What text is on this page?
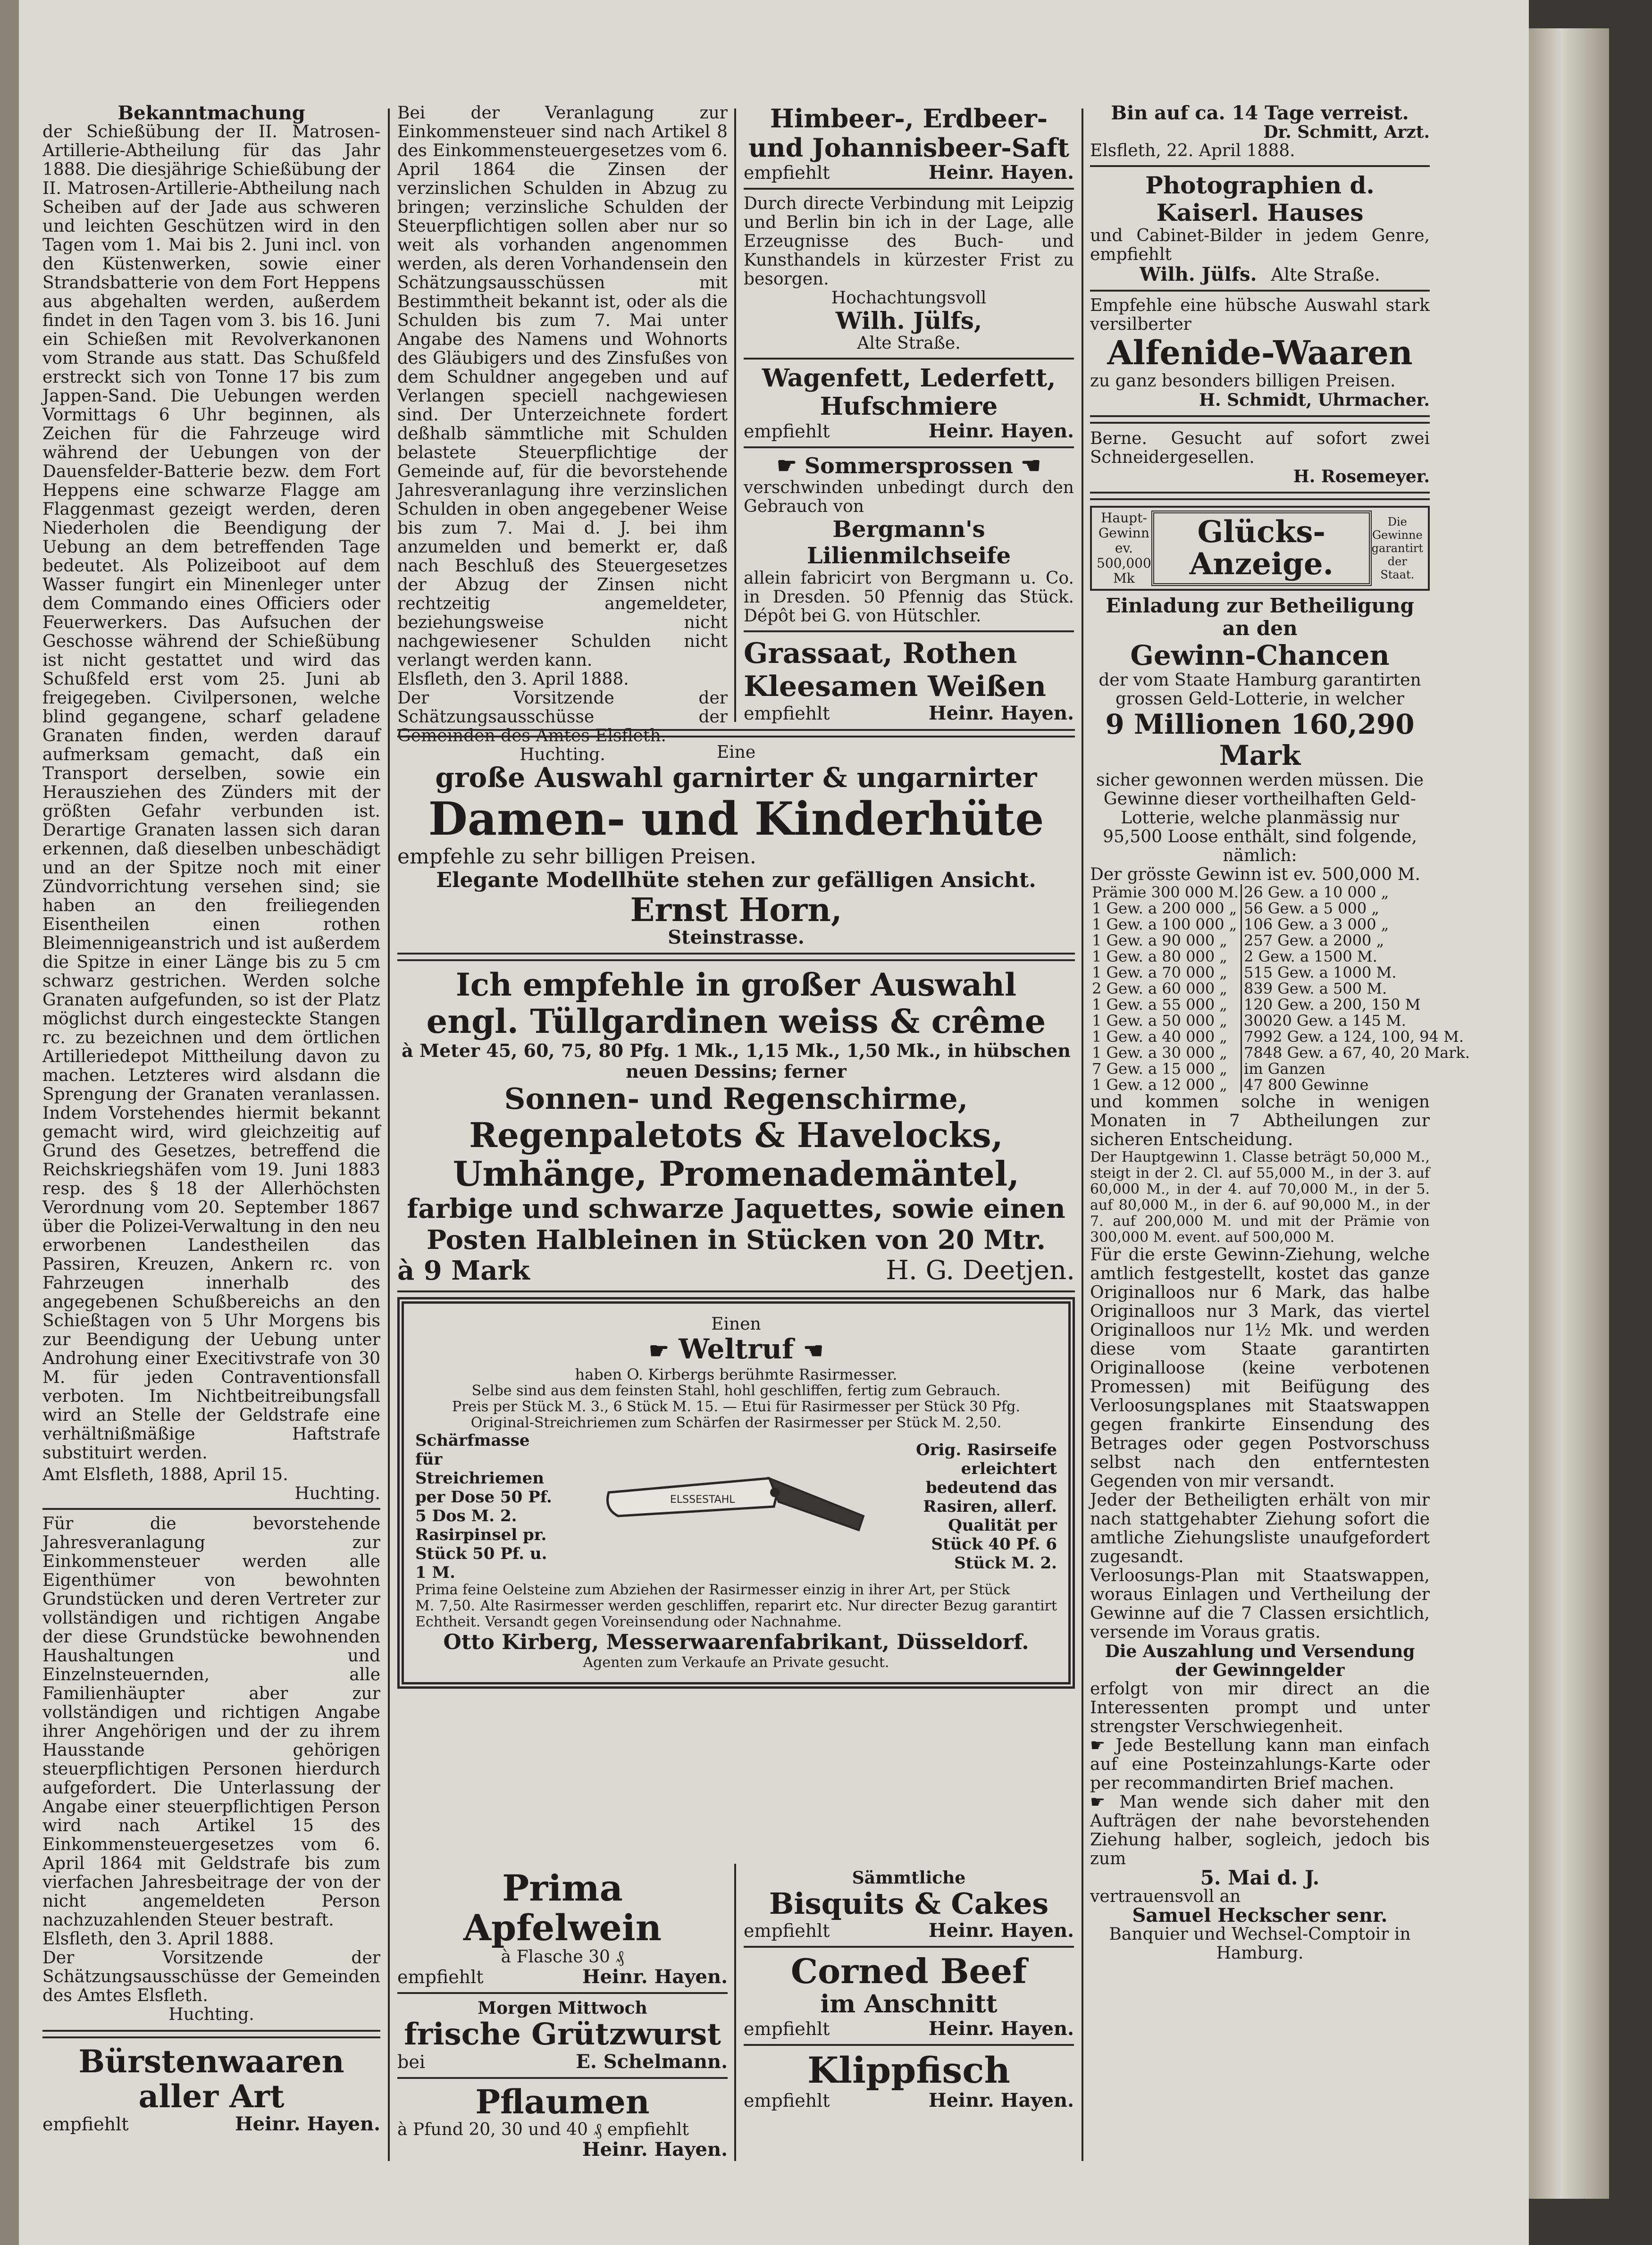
Bekanntmachung

der Schießübung der II. Matrosen-Artillerie-Abtheilung für das Jahr 1888. Die diesjährige Schießübung der II. Matrosen-Artillerie-Abtheilung nach Scheiben auf der Jade aus schweren und leichten Geschützen wird in den Tagen vom 1. Mai bis 2. Juni incl. von den Küstenwerken, sowie einer Strandsbatterie von dem Fort Heppens aus abgehalten werden, außerdem findet in den Tagen vom 3. bis 16. Juni ein Schießen mit Revolverkanonen vom Strande aus statt. Das Schußfeld erstreckt sich von Tonne 17 bis zum Jappen-Sand. Die Uebungen werden Vormittags 6 Uhr beginnen, als Zeichen für die Fahrzeuge wird während der Uebungen von der Dauensfelder-Batterie bezw. dem Fort Heppens eine schwarze Flagge am Flaggenmast gezeigt werden, deren Niederholen die Beendigung der Uebung an dem betreffenden Tage bedeutet. Als Polizeiboot auf dem Wasser fungirt ein Minenleger unter dem Commando eines Officiers oder Feuerwerkers. Das Aufsuchen der Geschosse während der Schießübung ist nicht gestattet und wird das Schußfeld erst vom 25. Juni ab freigegeben. Civilpersonen, welche blind gegangene, scharf geladene Granaten finden, werden darauf aufmerksam gemacht, daß ein Transport derselben, sowie ein Herausziehen des Zünders mit der größten Gefahr verbunden ist. Derartige Granaten lassen sich daran erkennen, daß dieselben unbeschädigt und an der Spitze noch mit einer Zündvorrichtung versehen sind; sie haben an den freiliegenden Eisentheilen einen rothen Bleimennigeanstrich und ist außerdem die Spitze in einer Länge bis zu 5 cm schwarz gestrichen. Werden solche Granaten aufgefunden, so ist der Platz möglichst durch eingesteckte Stangen rc. zu bezeichnen und dem örtlichen Artilleriedepot Mittheilung davon zu machen. Letzteres wird alsdann die Sprengung der Granaten veranlassen. Indem Vorstehendes hiermit bekannt gemacht wird, wird gleichzeitig auf Grund des Gesetzes, betreffend die Reichskriegshäfen vom 19. Juni 1883 resp. des § 18 der Allerhöchsten Verordnung vom 20. September 1867 über die Polizei-Verwaltung in den neu erworbenen Landestheilen das Passiren, Kreuzen, Ankern rc. von Fahrzeugen innerhalb des angegebenen Schußbereichs an den Schießtagen von 5 Uhr Morgens bis zur Beendigung der Uebung unter Androhung einer Execitivstrafe von 30 M. für jeden Contraventionsfall verboten. Im Nichtbeitreibungsfall wird an Stelle der Geldstrafe eine verhältnißmäßige Haftstrafe substituirt werden.

Amt Elsfleth, 1888, April 15.

Huchting.

Für die bevorstehende Jahresveranlagung zur Einkommensteuer werden alle Eigenthümer von bewohnten Grundstücken und deren Vertreter zur vollständigen und richtigen Angabe der diese Grundstücke bewohnenden Haushaltungen und Einzelnsteuernden, alle Familienhäupter aber zur vollständigen und richtigen Angabe ihrer Angehörigen und der zu ihrem Hausstande gehörigen steuerpflichtigen Personen hierdurch aufgefordert. Die Unterlassung der Angabe einer steuerpflichtigen Person wird nach Artikel 15 des Einkommensteuergesetzes vom 6. April 1864 mit Geldstrafe bis zum vierfachen Jahresbeitrage der von der nicht angemeldeten Person nachzuzahlenden Steuer bestraft.

Elsfleth, den 3. April 1888.

Der Vorsitzende der Schätzungsausschüsse der Gemeinden des Amtes Elsfleth.

Huchting.

Bürstenwaaren aller Art

empfiehlt	Heinr. Hayen.

Bei der Veranlagung zur Einkommensteuer sind nach Artikel 8 des Einkommensteuergesetzes vom 6. April 1864 die Zinsen der verzinslichen Schulden in Abzug zu bringen; verzinsliche Schulden der Steuerpflichtigen sollen aber nur so weit als vorhanden angenommen werden, als deren Vorhandensein den Schätzungsausschüssen mit Bestimmtheit bekannt ist, oder als die Schulden bis zum 7. Mai unter Angabe des Namens und Wohnorts des Gläubigers und des Zinsfußes von dem Schuldner angegeben und auf Verlangen speciell nachgewiesen sind. Der Unterzeichnete fordert deßhalb sämmtliche mit Schulden belastete Steuerpflichtige der Gemeinde auf, für die bevorstehende Jahresveranlagung ihre verzinslichen Schulden in oben angegebener Weise bis zum 7. Mai d. J. bei ihm anzumelden und bemerkt er, daß nach Beschluß des Steuergesetzes der Abzug der Zinsen nicht rechtzeitig angemeldeter, beziehungsweise nicht nachgewiesener Schulden nicht verlangt werden kann.

Elsfleth, den 3. April 1888.

Der Vorsitzende der Schätzungsausschüsse der Gemeinden des Amtes Elsfleth.

Huchting.

Himbeer-, Erdbeer- und Johannisbeer-Saft

empfiehlt	Heinr. Hayen.

Durch directe Verbindung mit Leipzig und Berlin bin ich in der Lage, alle Erzeugnisse des Buch- und Kunsthandels in kürzester Frist zu besorgen.

Hochachtungsvoll

Wilh. Jülfs,

Alte Straße.

Wagenfett, Lederfett, Hufschmiere

empfiehlt	Heinr. Hayen.

☛ Sommersprossen ☚

verschwinden unbedingt durch den Gebrauch von

Bergmann's Lilienmilchseife

allein fabricirt von Bergmann u. Co. in Dresden. 50 Pfennig das Stück. Dépôt bei G. von Hütschler.

Grassaat, Rothen Kleesamen Weißen

empfiehlt	Heinr. Hayen.

Eine

große Auswahl garnirter & ungarnirter

Damen- und Kinderhüte

empfehle zu sehr billigen Preisen.

Elegante Modellhüte stehen zur gefälligen Ansicht.

Ernst Horn,

Steinstrasse.

Ich empfehle in großer Auswahl

engl. Tüllgardinen weiss & crême

à Meter 45, 60, 75, 80 Pfg. 1 Mk., 1,15 Mk., 1,50 Mk., in hübschen neuen Dessins; ferner

Sonnen- und Regenschirme,

Regenpaletots & Havelocks,

Umhänge, Promenademäntel,

farbige und schwarze Jaquettes, sowie einen

Posten Halbleinen in Stücken von 20 Mtr.

à 9 Mark	H. G. Deetjen.

Einen

☛ Weltruf ☚

haben O. Kirbergs berühmte Rasirmesser.

Selbe sind aus dem feinsten Stahl, hohl geschliffen, fertig zum Gebrauch.

Preis per Stück M. 3., 6 Stück M. 15. — Etui für Rasirmesser per Stück 30 Pfg.

Original-Streichriemen zum Schärfen der Rasirmesser per Stück M. 2,50.

Schärfmasse für Streichriemen per Dose 50 Pf. 5 Dos M. 2. Rasirpinsel pr. Stück 50 Pf. u. 1 M.

ELSSESTAHL

Orig. Rasirseife erleichtert bedeutend das Rasiren, allerf. Qualität per Stück 40 Pf. 6 Stück M. 2.

Prima feine Oelsteine zum Abziehen der Rasirmesser einzig in ihrer Art, per Stück

M. 7,50. Alte Rasirmesser werden geschliffen, reparirt etc. Nur directer Bezug garantirt Echtheit. Versandt gegen Voreinsendung oder Nachnahme.

Otto Kirberg, Messerwaarenfabrikant, Düsseldorf.

Agenten zum Verkaufe an Private gesucht.

Prima Apfelwein

à Flasche 30 ₰

empfiehlt	Heinr. Hayen.

Morgen Mittwoch

frische Grützwurst

bei	E. Schelmann.

Pflaumen

à Pfund 20, 30 und 40 ₰ empfiehlt

Heinr. Hayen.

Sämmtliche

Bisquits & Cakes

empfiehlt	Heinr. Hayen.

Corned Beef

im Anschnitt

empfiehlt	Heinr. Hayen.

Klippfisch

empfiehlt	Heinr. Hayen.

Bin auf ca. 14 Tage verreist.

Dr. Schmitt, Arzt.

Elsfleth, 22. April 1888.

Photographien d. Kaiserl. Hauses

und Cabinet-Bilder in jedem Genre, empfiehlt

Wilh. Jülfs. Alte Straße.

Empfehle eine hübsche Auswahl stark versilberter

Alfenide-Waaren

zu ganz besonders billigen Preisen.

H. Schmidt, Uhrmacher.

Berne. Gesucht auf sofort zwei Schneidergesellen.

H. Rosemeyer.

Haupt-Gewinn ev. 500,000 Mk
Glücks-Anzeige.
Die Gewinne garantirt der Staat.

Einladung zur Betheiligung an den

Gewinn-Chancen

der vom Staate Hamburg garantirten grossen Geld-Lotterie, in welcher

9 Millionen 160,290 Mark

sicher gewonnen werden müssen. Die Gewinne dieser vortheilhaften Geld-Lotterie, welche planmässig nur 95,500 Loose enthält, sind folgende, nämlich:

Der grösste Gewinn ist ev. 500,000 M.

Prämie 300 000 M.	26 Gew. a 10 000 „
1 Gew. a 200 000 „	56 Gew. a 5 000 „
1 Gew. a 100 000 „	106 Gew. a 3 000 „
1 Gew. a 90 000 „	257 Gew. a 2000 „
1 Gew. a 80 000 „	2 Gew. a 1500 M.
1 Gew. a 70 000 „	515 Gew. a 1000 M.
2 Gew. a 60 000 „	839 Gew. a 500 M.
1 Gew. a 55 000 „	120 Gew. a 200, 150 M
1 Gew. a 50 000 „	30020 Gew. a 145 M.
1 Gew. a 40 000 „	7992 Gew. a 124, 100, 94 M.
1 Gew. a 30 000 „	7848 Gew. a 67, 40, 20 Mark.
7 Gew. a 15 000 „	im Ganzen
1 Gew. a 12 000 „	47 800 Gewinne

und kommen solche in wenigen Monaten in 7 Abtheilungen zur sicheren Entscheidung.

Der Hauptgewinn 1. Classe beträgt 50,000 M., steigt in der 2. Cl. auf 55,000 M., in der 3. auf 60,000 M., in der 4. auf 70,000 M., in der 5. auf 80,000 M., in der 6. auf 90,000 M., in der 7. auf 200,000 M. und mit der Prämie von 300,000 M. event. auf 500,000 M.

Für die erste Gewinn-Ziehung, welche amtlich festgestellt, kostet das ganze Originalloos nur 6 Mark, das halbe Originalloos nur 3 Mark, das viertel Originalloos nur 1½ Mk. und werden diese vom Staate garantirten Originalloose (keine verbotenen Promessen) mit Beifügung des Verloosungsplanes mit Staatswappen gegen frankirte Einsendung des Betrages oder gegen Postvorschuss selbst nach den entferntesten Gegenden von mir versandt.

Jeder der Betheiligten erhält von mir nach stattgehabter Ziehung sofort die amtliche Ziehungsliste unaufgefordert zugesandt.

Verloosungs-Plan mit Staatswappen, woraus Einlagen und Vertheilung der Gewinne auf die 7 Classen ersichtlich, versende im Voraus gratis.

Die Auszahlung und Versendung der Gewinngelder

erfolgt von mir direct an die Interessenten prompt und unter strengster Verschwiegenheit.

☛ Jede Bestellung kann man einfach auf eine Posteinzahlungs-Karte oder per recommandirten Brief machen.

☛ Man wende sich daher mit den Aufträgen der nahe bevorstehenden Ziehung halber, sogleich, jedoch bis zum

5. Mai d. J.

vertrauensvoll an

Samuel Heckscher senr.

Banquier und Wechsel-Comptoir in Hamburg.
